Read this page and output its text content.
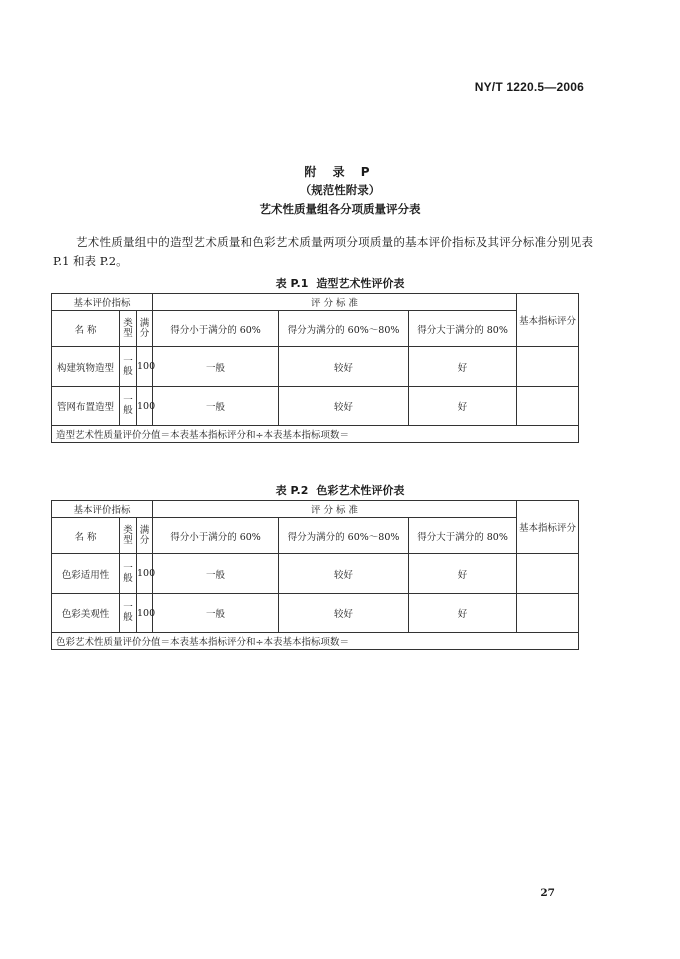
NY/T 1220.5—2006
附 录 P
（规范性附录）
艺术性质量组各分项质量评分表

艺术性质量组中的造型艺术质量和色彩艺术质量两项分项质量的基本评价指标及其评分标准分别见表 P.1 和表 P.2。

表 P.1 造型艺术性评价表
基本评价指标			评 分 标 准			基本指标评分
名 称	类型	满分	得分小于满分的 60%	得分为满分的 60%～80%	得分大于满分的 80%	
构建筑物造型	一般	100	一般	较好	好	
管网布置造型	一般	100	一般	较好	好	
造型艺术性质量评价分值＝本表基本指标评分和÷本表基本指标项数＝						
表 P.2 色彩艺术性评价表
基本评价指标			评 分 标 准			基本指标评分
名 称	类型	满分	得分小于满分的 60%	得分为满分的 60%～80%	得分大于满分的 80%	
色彩适用性	一般	100	一般	较好	好	
色彩美观性	一般	100	一般	较好	好	
色彩艺术性质量评价分值＝本表基本指标评分和÷本表基本指标项数＝						
27
